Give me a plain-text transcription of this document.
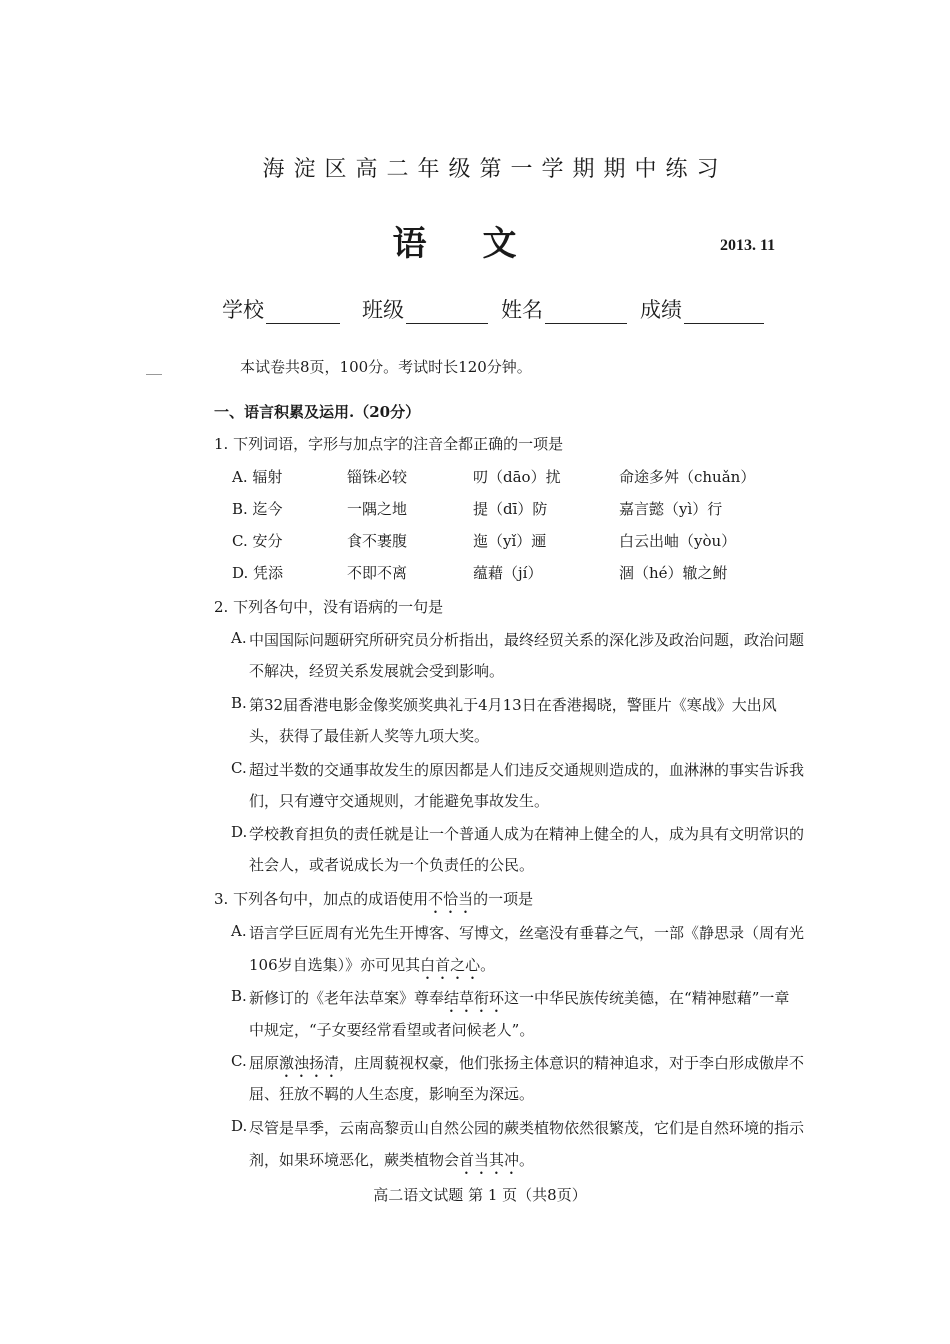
海淀区高二年级第一学期期中练习
语文	2013. 11
学校	班级	姓名	成绩
本试卷共8页，100分。考试时长120分钟。
一、语言积累及运用.（20分）
1. 下列词语，字形与加点字的注音全都正确的一项是
A. 辐射	锱铢必较	叨（dāo）扰	命途多舛（chuǎn）
B. 迄今	一隅之地	提（dī）防	嘉言懿（yì）行
C. 安分	食不裹腹	迤（yǐ）逦	白云出岫（yòu）
D. 凭添	不即不离	蕴藉（jí）	涸（hé）辙之鲋
2. 下列各句中，没有语病的一句是
A. 中国国际问题研究所研究员分析指出，最终经贸关系的深化涉及政治问题，政治问题
不解决，经贸关系发展就会受到影响。
B. 第32届香港电影金像奖颁奖典礼于4月13日在香港揭晓，警匪片《寒战》大出风
头，获得了最佳新人奖等九项大奖。
C. 超过半数的交通事故发生的原因都是人们违反交通规则造成的，血淋淋的事实告诉我
们，只有遵守交通规则，才能避免事故发生。
D. 学校教育担负的责任就是让一个普通人成为在精神上健全的人，成为具有文明常识的
社会人，或者说成长为一个负责任的公民。
3. 下列各句中，加点的成语使用不恰当的一项是
A. 语言学巨匠周有光先生开博客、写博文，丝毫没有垂暮之气，一部《静思录（周有光
106岁自选集）》亦可见其白首之心。
B. 新修订的《老年法草案》尊奉结草衔环这一中华民族传统美德，在“精神慰藉”一章
中规定，“子女要经常看望或者问候老人”。
C. 屈原激浊扬清，庄周藐视权豪，他们张扬主体意识的精神追求，对于李白形成傲岸不
屈、狂放不羁的人生态度，影响至为深远。
D. 尽管是旱季，云南高黎贡山自然公园的蕨类植物依然很繁茂，它们是自然环境的指示
剂，如果环境恶化，蕨类植物会首当其冲。
高二语文试题 第 1 页（共8页）
